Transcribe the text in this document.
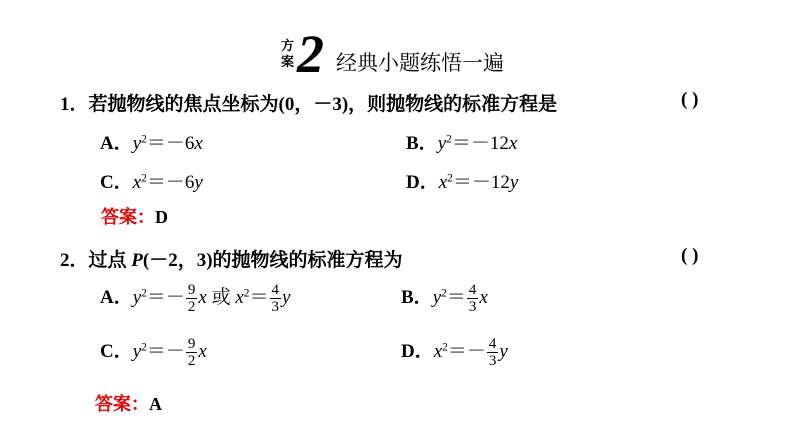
方
案 2 经典小题练悟一遍
1．若抛物线的焦点坐标为(0，－3)，则抛物线的标准方程是	( )
A．$y^2=-6x$	B．$y^2=-12x$
C．$x^2=-6y$	D．$x^2=-12y$
答案：D
2．过点 P(－2，3)的抛物线的标准方程为	( )
A．$y^2=- \frac{9}{2}$ x 或 $x^2= \frac{4}{3}$ y	B．$y^2= \frac{4}{3}$ x
C．$y^2=- \frac{9}{2}$ x	D．$x^2=- \frac{4}{3}$ y
答案：A
